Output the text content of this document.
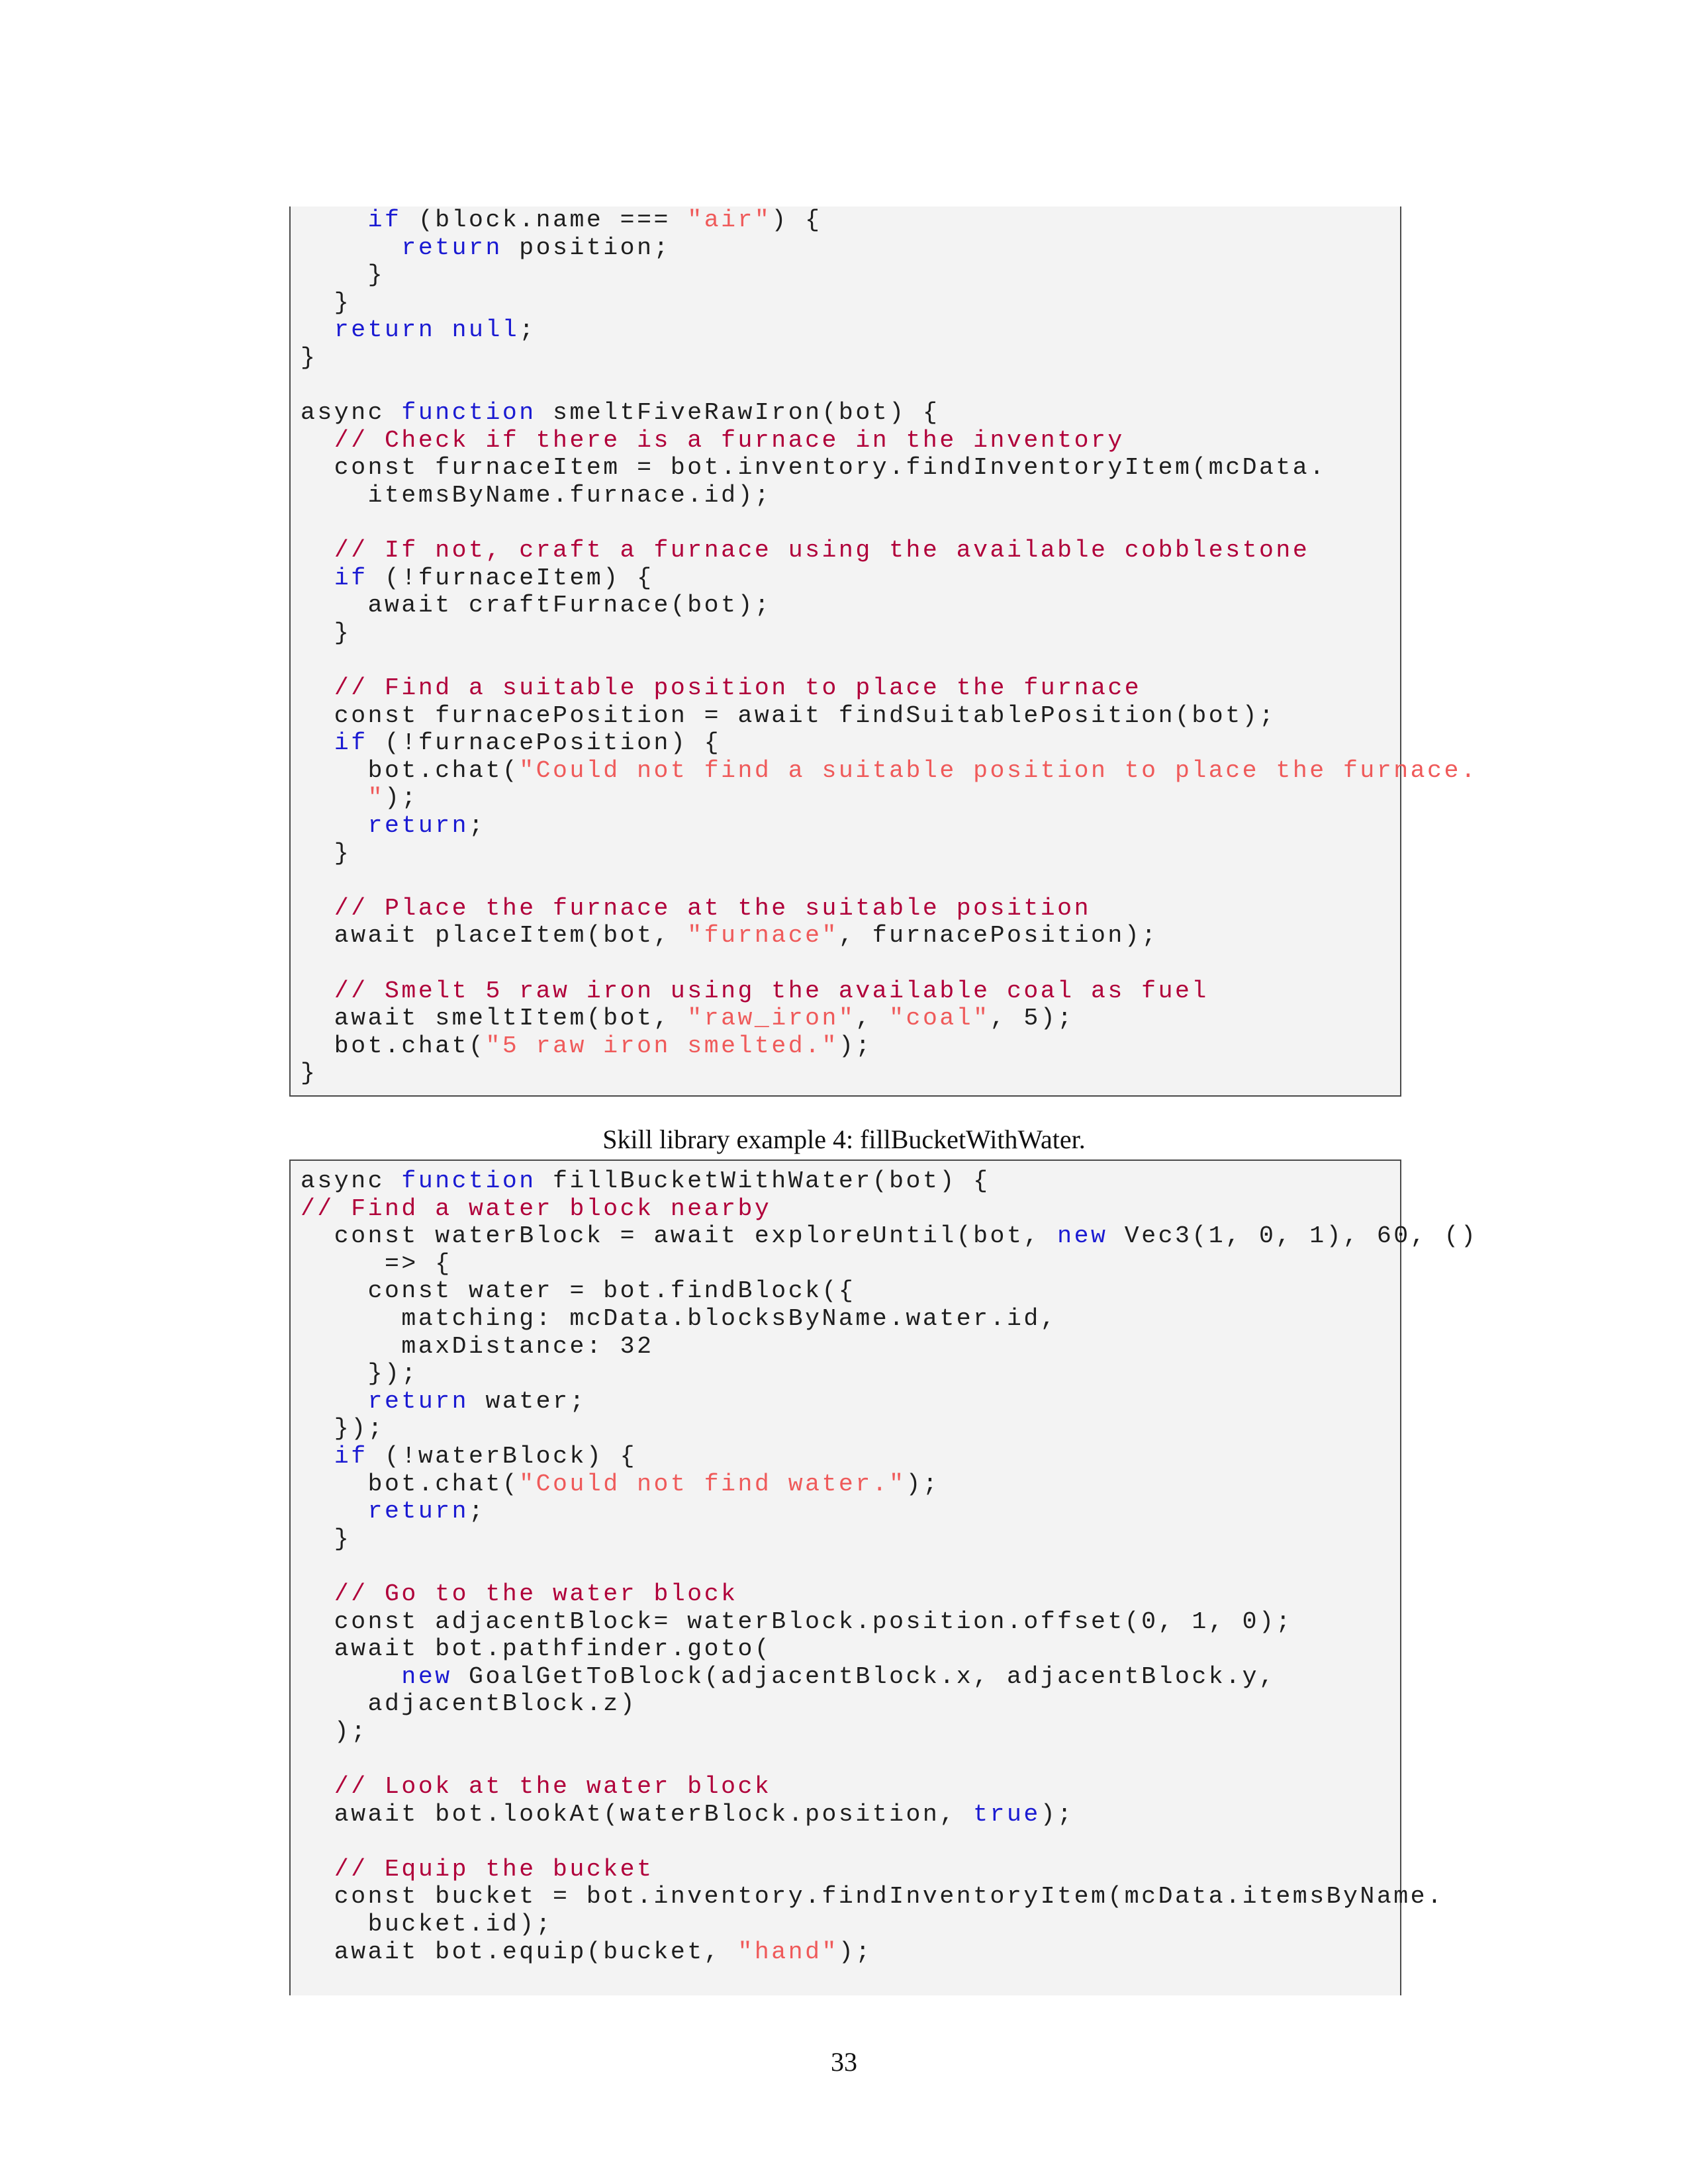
if (block.name === "air") {
return position;
}
}
return null;
}
async function smeltFiveRawIron(bot) {
// Check if there is a furnace in the inventory
const furnaceItem = bot.inventory.findInventoryItem(mcData.
itemsByName.furnace.id);
// If not, craft a furnace using the available cobblestone
if (!furnaceItem) {
await craftFurnace(bot);
}
// Find a suitable position to place the furnace
const furnacePosition = await findSuitablePosition(bot);
if (!furnacePosition) {
bot.chat("Could not find a suitable position to place the furnace.
");
return;
}
// Place the furnace at the suitable position
await placeItem(bot, "furnace", furnacePosition);
// Smelt 5 raw iron using the available coal as fuel
await smeltItem(bot, "raw_iron", "coal", 5);
bot.chat("5 raw iron smelted.");
}
Skill library example 4: fillBucketWithWater.
async function fillBucketWithWater(bot) {
// Find a water block nearby
const waterBlock = await exploreUntil(bot, new Vec3(1, 0, 1), 60, ()
=> {
const water = bot.findBlock({
matching: mcData.blocksByName.water.id,
maxDistance: 32
});
return water;
});
if (!waterBlock) {
bot.chat("Could not find water.");
return;
}
// Go to the water block
const adjacentBlock= waterBlock.position.offset(0, 1, 0);
await bot.pathfinder.goto(
new GoalGetToBlock(adjacentBlock.x, adjacentBlock.y,
adjacentBlock.z)
);
// Look at the water block
await bot.lookAt(waterBlock.position, true);
// Equip the bucket
const bucket = bot.inventory.findInventoryItem(mcData.itemsByName.
bucket.id);
await bot.equip(bucket, "hand");
33
